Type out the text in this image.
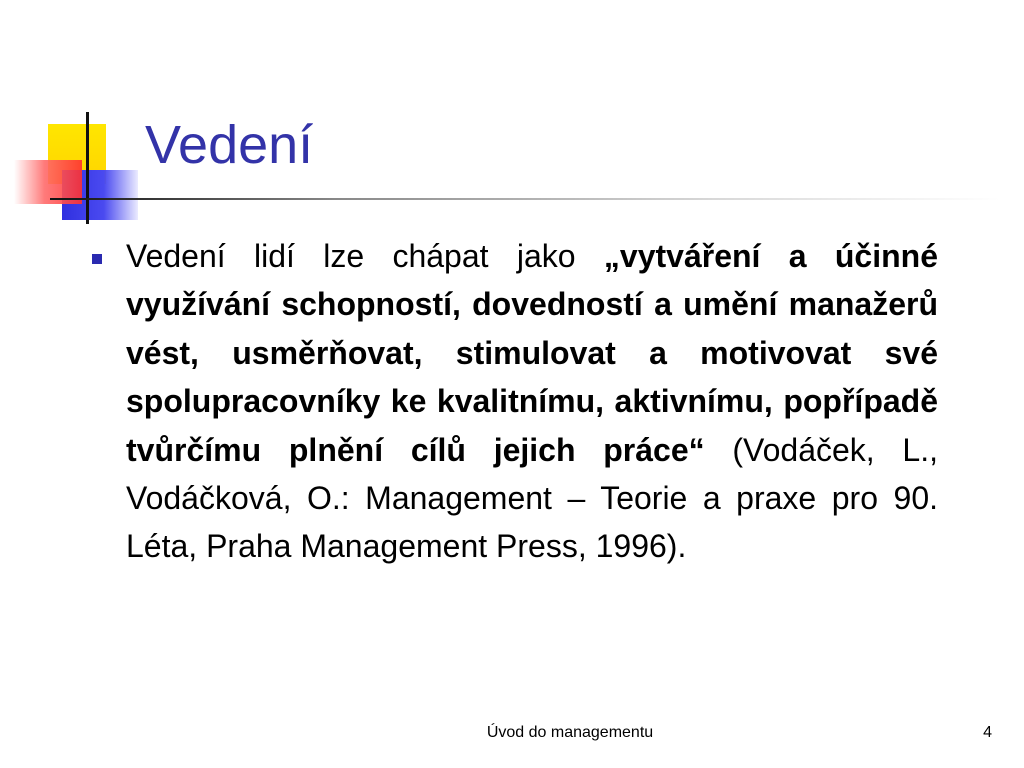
Vedení

Vedení lidí lze chápat jako „vytváření a účinné využívání schopností, dovedností a umění manažerů vést, usměrňovat, stimulovat a motivovat své spolupracovníky ke kvalitnímu, aktivnímu, popřípadě tvůrčímu plnění cílů jejich práce“ (Vodáček, L., Vodáčková, O.: Management – Teorie a praxe pro 90. Léta, Praha Management Press, 1996).

Úvod do managementu	4
